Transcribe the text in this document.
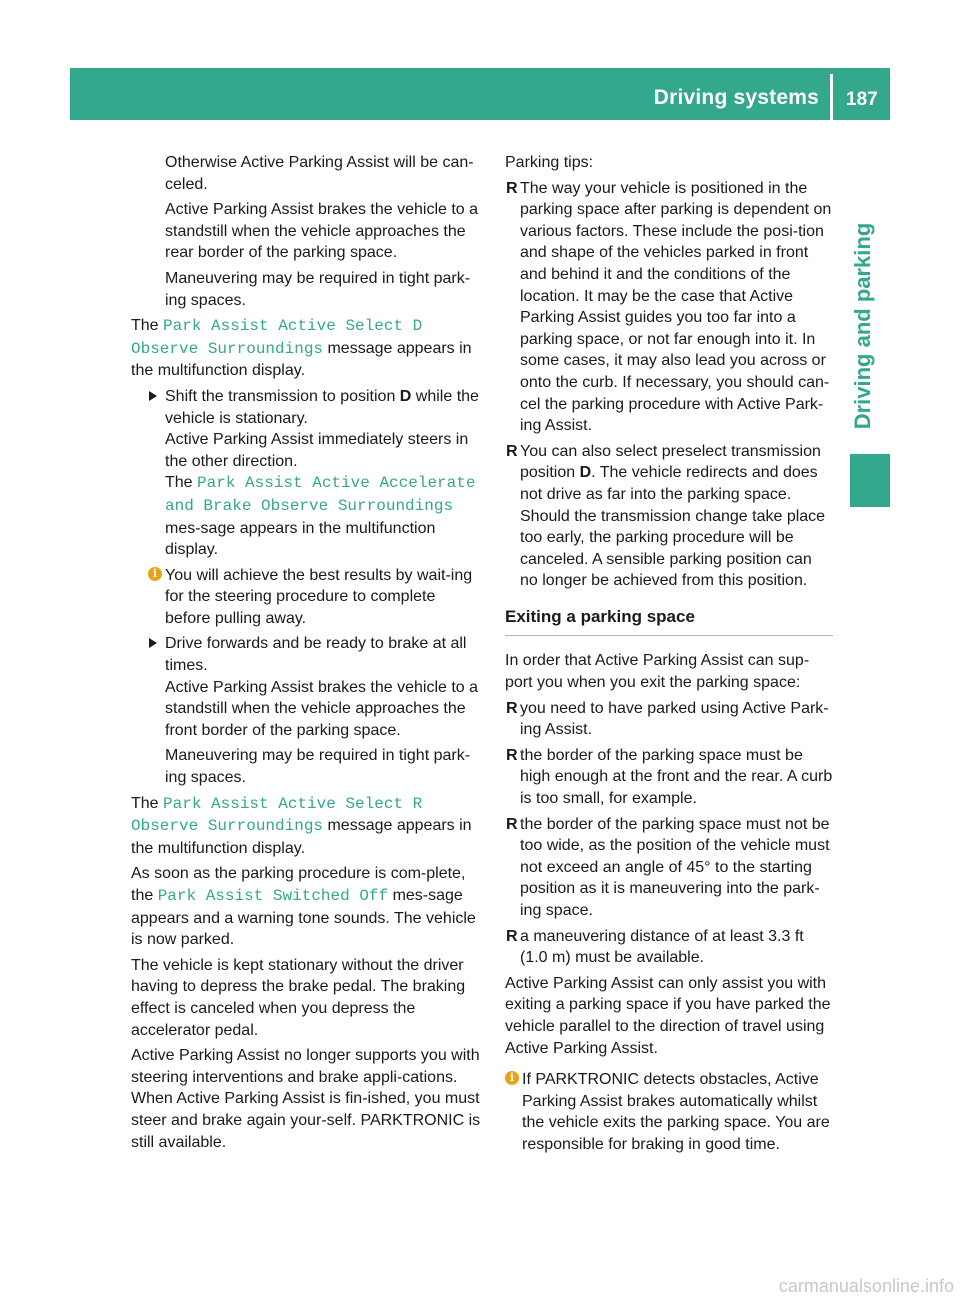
Driving systems 187
Driving and parking

Otherwise Active Parking Assist will be can-celed.

Active Parking Assist brakes the vehicle to a standstill when the vehicle approaches the rear border of the parking space.

Maneuvering may be required in tight park-ing spaces.

The Park Assist Active Select D Observe Surroundings message appears in the multifunction display.

Shift the transmission to position D while the vehicle is stationary.
Active Parking Assist immediately steers in the other direction.
The Park Assist Active Accelerate and Brake Observe Surroundings mes-sage appears in the multifunction display.
i You will achieve the best results by wait-ing for the steering procedure to complete before pulling away.
Drive forwards and be ready to brake at all times.
Active Parking Assist brakes the vehicle to a standstill when the vehicle approaches the front border of the parking space.
Maneuvering may be required in tight park-ing spaces.

The Park Assist Active Select R Observe Surroundings message appears in the multifunction display.

As soon as the parking procedure is com-plete, the Park Assist Switched Off mes-sage appears and a warning tone sounds. The vehicle is now parked.

The vehicle is kept stationary without the driver having to depress the brake pedal. The braking effect is canceled when you depress the accelerator pedal.

Active Parking Assist no longer supports you with steering interventions and brake appli-cations. When Active Parking Assist is fin-ished, you must steer and brake again your-self. PARKTRONIC is still available.

Parking tips:

R The way your vehicle is positioned in the parking space after parking is dependent on various factors. These include the posi-tion and shape of the vehicles parked in front and behind it and the conditions of the location. It may be the case that Active Parking Assist guides you too far into a parking space, or not far enough into it. In some cases, it may also lead you across or onto the curb. If necessary, you should can-cel the parking procedure with Active Park-ing Assist.
R You can also select preselect transmission position D. The vehicle redirects and does not drive as far into the parking space. Should the transmission change take place too early, the parking procedure will be canceled. A sensible parking position can no longer be achieved from this position.
Exiting a parking space

In order that Active Parking Assist can sup-port you when you exit the parking space:

R you need to have parked using Active Park-ing Assist.
R the border of the parking space must be high enough at the front and the rear. A curb is too small, for example.
R the border of the parking space must not be too wide, as the position of the vehicle must not exceed an angle of 45° to the starting position as it is maneuvering into the park-ing space.
R a maneuvering distance of at least 3.3 ft (1.0 m) must be available.

Active Parking Assist can only assist you with exiting a parking space if you have parked the vehicle parallel to the direction of travel using Active Parking Assist.

i If PARKTRONIC detects obstacles, Active Parking Assist brakes automatically whilst the vehicle exits the parking space. You are responsible for braking in good time.
carmanualsonline.info
